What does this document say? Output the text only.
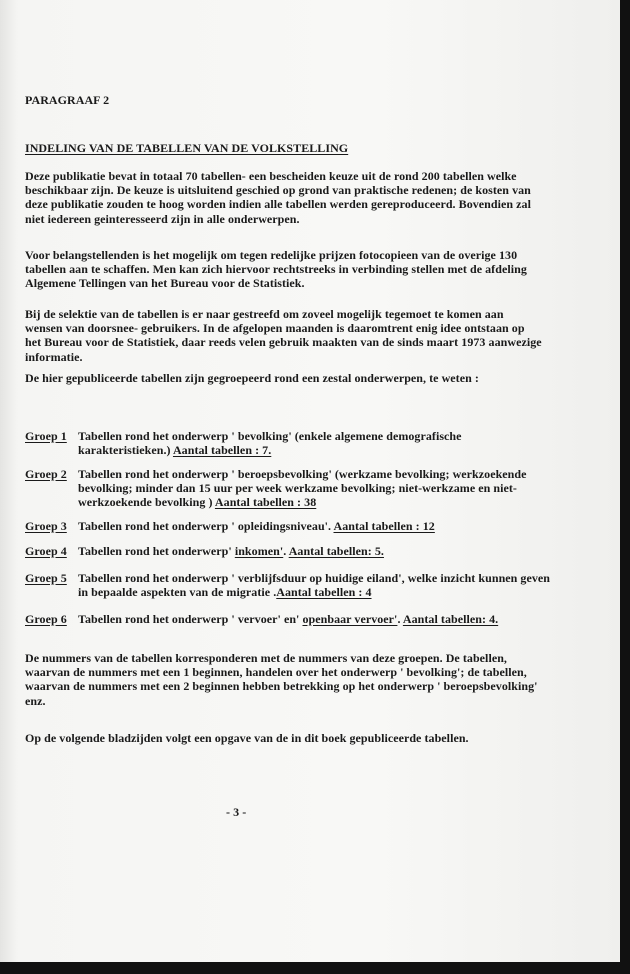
PARAGRAAF 2
INDELING VAN DE TABELLEN VAN DE VOLKSTELLING
Deze publikatie bevat in totaal 70 tabellen- een bescheiden keuze uit de rond 200 tabellen welke
beschikbaar zijn. De keuze is uitsluitend geschied op grond van praktische redenen; de kosten van
deze publikatie zouden te hoog worden indien alle tabellen werden gereproduceerd. Bovendien zal
niet iedereen geinteresseerd zijn in alle onderwerpen.
Voor belangstellenden is het mogelijk om tegen redelijke prijzen fotocopieen van de overige 130
tabellen aan te schaffen. Men kan zich hiervoor rechtstreeks in verbinding stellen met de afdeling
Algemene Tellingen van het Bureau voor de Statistiek.
Bij de selektie van de tabellen is er naar gestreefd om zoveel mogelijk tegemoet te komen aan
wensen van doorsnee- gebruikers. In de afgelopen maanden is daaromtrent enig idee ontstaan op
het Bureau voor de Statistiek, daar reeds velen gebruik maakten van de sinds maart 1973 aanwezige
informatie.
De hier gepubliceerde tabellen zijn gegroepeerd rond een zestal onderwerpen, te weten :
Groep 1 Tabellen rond het onderwerp ' bevolking' (enkele algemene demografische
karakteristieken.) Aantal tabellen : 7.
Groep 2 Tabellen rond het onderwerp ' beroepsbevolking' (werkzame bevolking; werkzoekende
bevolking; minder dan 15 uur per week werkzame bevolking; niet-werkzame en niet-
werkzoekende bevolking ) Aantal tabellen : 38
Groep 3 Tabellen rond het onderwerp ' opleidingsniveau'. Aantal tabellen : 12
Groep 4 Tabellen rond het onderwerp' inkomen'. Aantal tabellen: 5.
Groep 5 Tabellen rond het onderwerp ' verblijfsduur op huidige eiland', welke inzicht kunnen geven
in bepaalde aspekten van de migratie .Aantal tabellen : 4
Groep 6 Tabellen rond het onderwerp ' vervoer' en' openbaar vervoer'. Aantal tabellen: 4.
De nummers van de tabellen korresponderen met de nummers van deze groepen. De tabellen,
waarvan de nummers met een 1 beginnen, handelen over het onderwerp ' bevolking'; de tabellen,
waarvan de nummers met een 2 beginnen hebben betrekking op het onderwerp ' beroepsbevolking'
enz.
Op de volgende bladzijden volgt een opgave van de in dit boek gepubliceerde tabellen.
- 3 -
